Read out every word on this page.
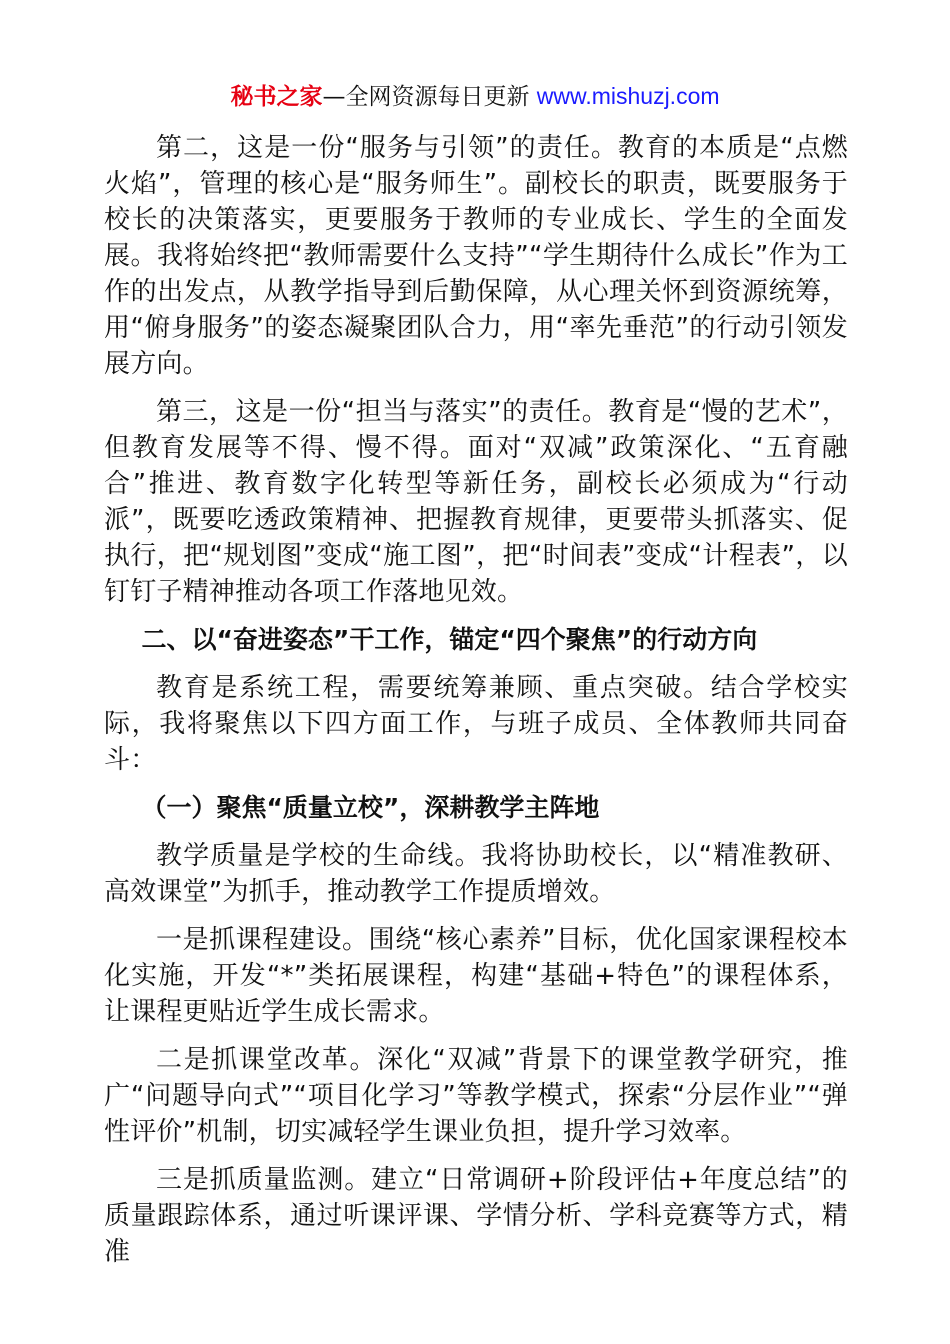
秘书之家—全网资源每日更新 www.mishuzj.com

第二，这是一份“服务与引领”的责任。教育的本质是“点燃火焰”，管理的核心是“服务师生”。副校长的职责，既要服务于校长的决策落实，更要服务于教师的专业成长、学生的全面发展。我将始终把“教师需要什么支持”“学生期待什么成长”作为工作的出发点，从教学指导到后勤保障，从心理关怀到资源统筹，用“俯身服务”的姿态凝聚团队合力，用“率先垂范”的行动引领发展方向。

第三，这是一份“担当与落实”的责任。教育是“慢的艺术”，但教育发展等不得、慢不得。面对“双减”政策深化、“五育融合”推进、教育数字化转型等新任务，副校长必须成为“行动派”，既要吃透政策精神、把握教育规律，更要带头抓落实、促执行，把“规划图”变成“施工图”，把“时间表”变成“计程表”，以钉钉子精神推动各项工作落地见效。

二、以“奋进姿态”干工作，锚定“四个聚焦”的行动方向

教育是系统工程，需要统筹兼顾、重点突破。结合学校实际，我将聚焦以下四方面工作，与班子成员、全体教师共同奋斗：

（一）聚焦“质量立校”，深耕教学主阵地

教学质量是学校的生命线。我将协助校长，以“精准教研、高效课堂”为抓手，推动教学工作提质增效。

一是抓课程建设。围绕“核心素养”目标，优化国家课程校本化实施，开发“*”类拓展课程，构建“基础+特色”的课程体系，让课程更贴近学生成长需求。

二是抓课堂改革。深化“双减”背景下的课堂教学研究，推广“问题导向式”“项目化学习”等教学模式，探索“分层作业”“弹性评价”机制，切实减轻学生课业负担，提升学习效率。

三是抓质量监测。建立“日常调研+阶段评估+年度总结”的质量跟踪体系，通过听课评课、学情分析、学科竞赛等方式，精准
